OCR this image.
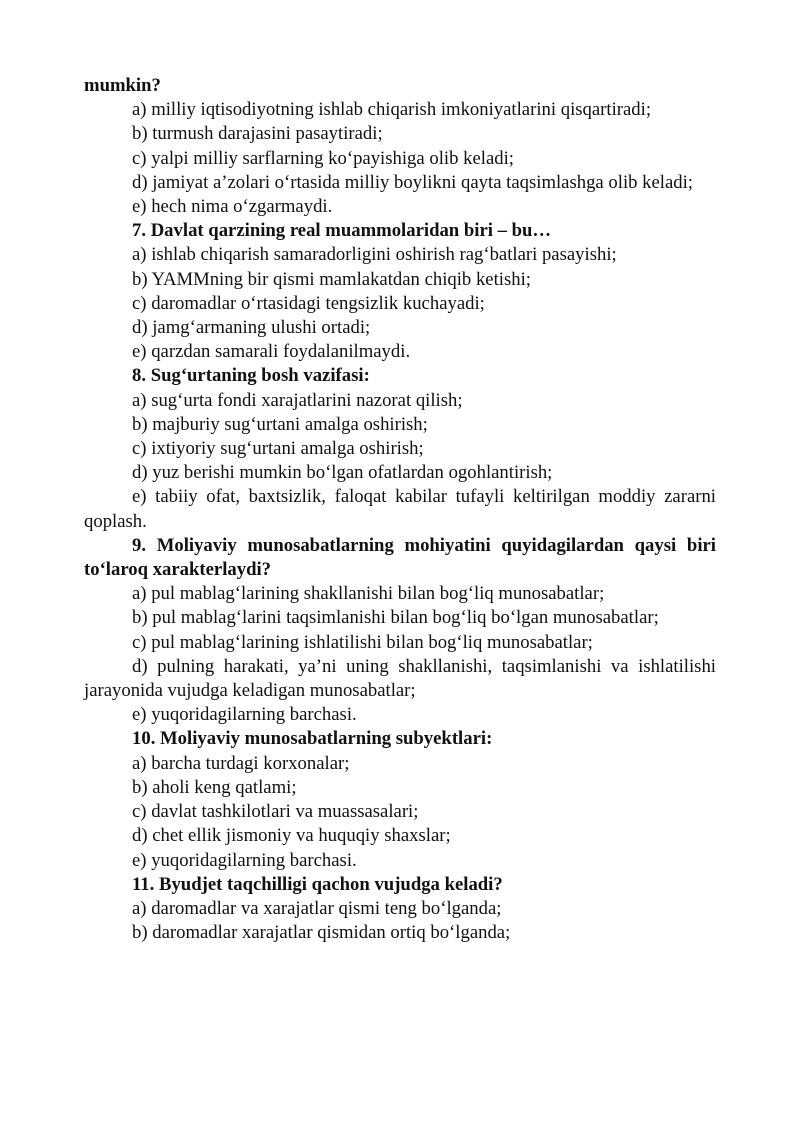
mumkin?

a) milliy iqtisodiyotning ishlab chiqarish imkoniyatlarini qisqartiradi;

b) turmush darajasini pasaytiradi;

c) yalpi milliy sarflarning ko‘payishiga olib keladi;

d) jamiyat a’zolari o‘rtasida milliy boylikni qayta taqsimlashga olib keladi;

e) hech nima o‘zgarmaydi.

7. Davlat qarzining real muammolaridan biri – bu…

a) ishlab chiqarish samaradorligini oshirish rag‘batlari pasayishi;

b) YAMMning bir qismi mamlakatdan chiqib ketishi;

c) daromadlar o‘rtasidagi tengsizlik kuchayadi;

d) jamg‘armaning ulushi ortadi;

e) qarzdan samarali foydalanilmaydi.

8. Sug‘urtaning bosh vazifasi:

a) sug‘urta fondi xarajatlarini nazorat qilish;

b) majburiy sug‘urtani amalga oshirish;

c) ixtiyoriy sug‘urtani amalga oshirish;

d) yuz berishi mumkin bo‘lgan ofatlardan ogohlantirish;

e) tabiiy ofat, baxtsizlik, faloqat kabilar tufayli keltirilgan moddiy zararni qoplash.

9. Moliyaviy munosabatlarning mohiyatini quyidagilardan qaysi biri to‘laroq xarakterlaydi?

a) pul mablag‘larining shakllanishi bilan bog‘liq munosabatlar;

b) pul mablag‘larini taqsimlanishi bilan bog‘liq bo‘lgan munosabatlar;

c) pul mablag‘larining ishlatilishi bilan bog‘liq munosabatlar;

d) pulning harakati, ya’ni uning shakllanishi, taqsimlanishi va ishlatilishi jarayonida vujudga keladigan munosabatlar;

e) yuqoridagilarning barchasi.

10. Moliyaviy munosabatlarning subyektlari:

a) barcha turdagi korxonalar;

b) aholi keng qatlami;

c) davlat tashkilotlari va muassasalari;

d) chet ellik jismoniy va huquqiy shaxslar;

e) yuqoridagilarning barchasi.

11. Byudjet taqchilligi qachon vujudga keladi?

a) daromadlar va xarajatlar qismi teng bo‘lganda;

b) daromadlar xarajatlar qismidan ortiq bo‘lganda;
